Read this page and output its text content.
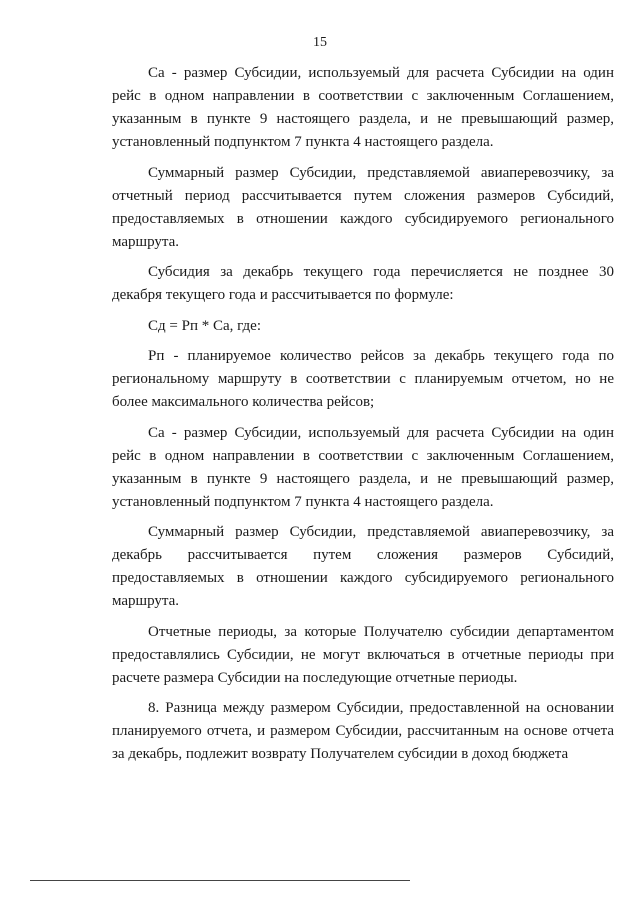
15

Са - размер Субсидии, используемый для расчета Субсидии на один рейс в одном направлении в соответствии с заключенным Соглашением, указанным в пункте 9 настоящего раздела, и не превышающий размер, установленный подпунктом 7 пункта 4 настоящего раздела.

Суммарный размер Субсидии, представляемой авиаперевозчику, за отчетный период рассчитывается путем сложения размеров Субсидий, предоставляемых в отношении каждого субсидируемого регионального маршрута.

Субсидия за декабрь текущего года перечисляется не позднее 30 декабря текущего года и рассчитывается по формуле:

Сд = Рп * Са, где:

Рп - планируемое количество рейсов за декабрь текущего года по региональному маршруту в соответствии с планируемым отчетом, но не более максимального количества рейсов;

Са - размер Субсидии, используемый для расчета Субсидии на один рейс в одном направлении в соответствии с заключенным Соглашением, указанным в пункте 9 настоящего раздела, и не превышающий размер, установленный подпунктом 7 пункта 4 настоящего раздела.

Суммарный размер Субсидии, представляемой авиаперевозчику, за декабрь рассчитывается путем сложения размеров Субсидий, предоставляемых в отношении каждого субсидируемого регионального маршрута.

Отчетные периоды, за которые Получателю субсидии департаментом предоставлялись Субсидии, не могут включаться в отчетные периоды при расчете размера Субсидии на последующие отчетные периоды.

8. Разница между размером Субсидии, предоставленной на основании планируемого отчета, и размером Субсидии, рассчитанным на основе отчета за декабрь, подлежит возврату Получателем субсидии в доход бюджета
